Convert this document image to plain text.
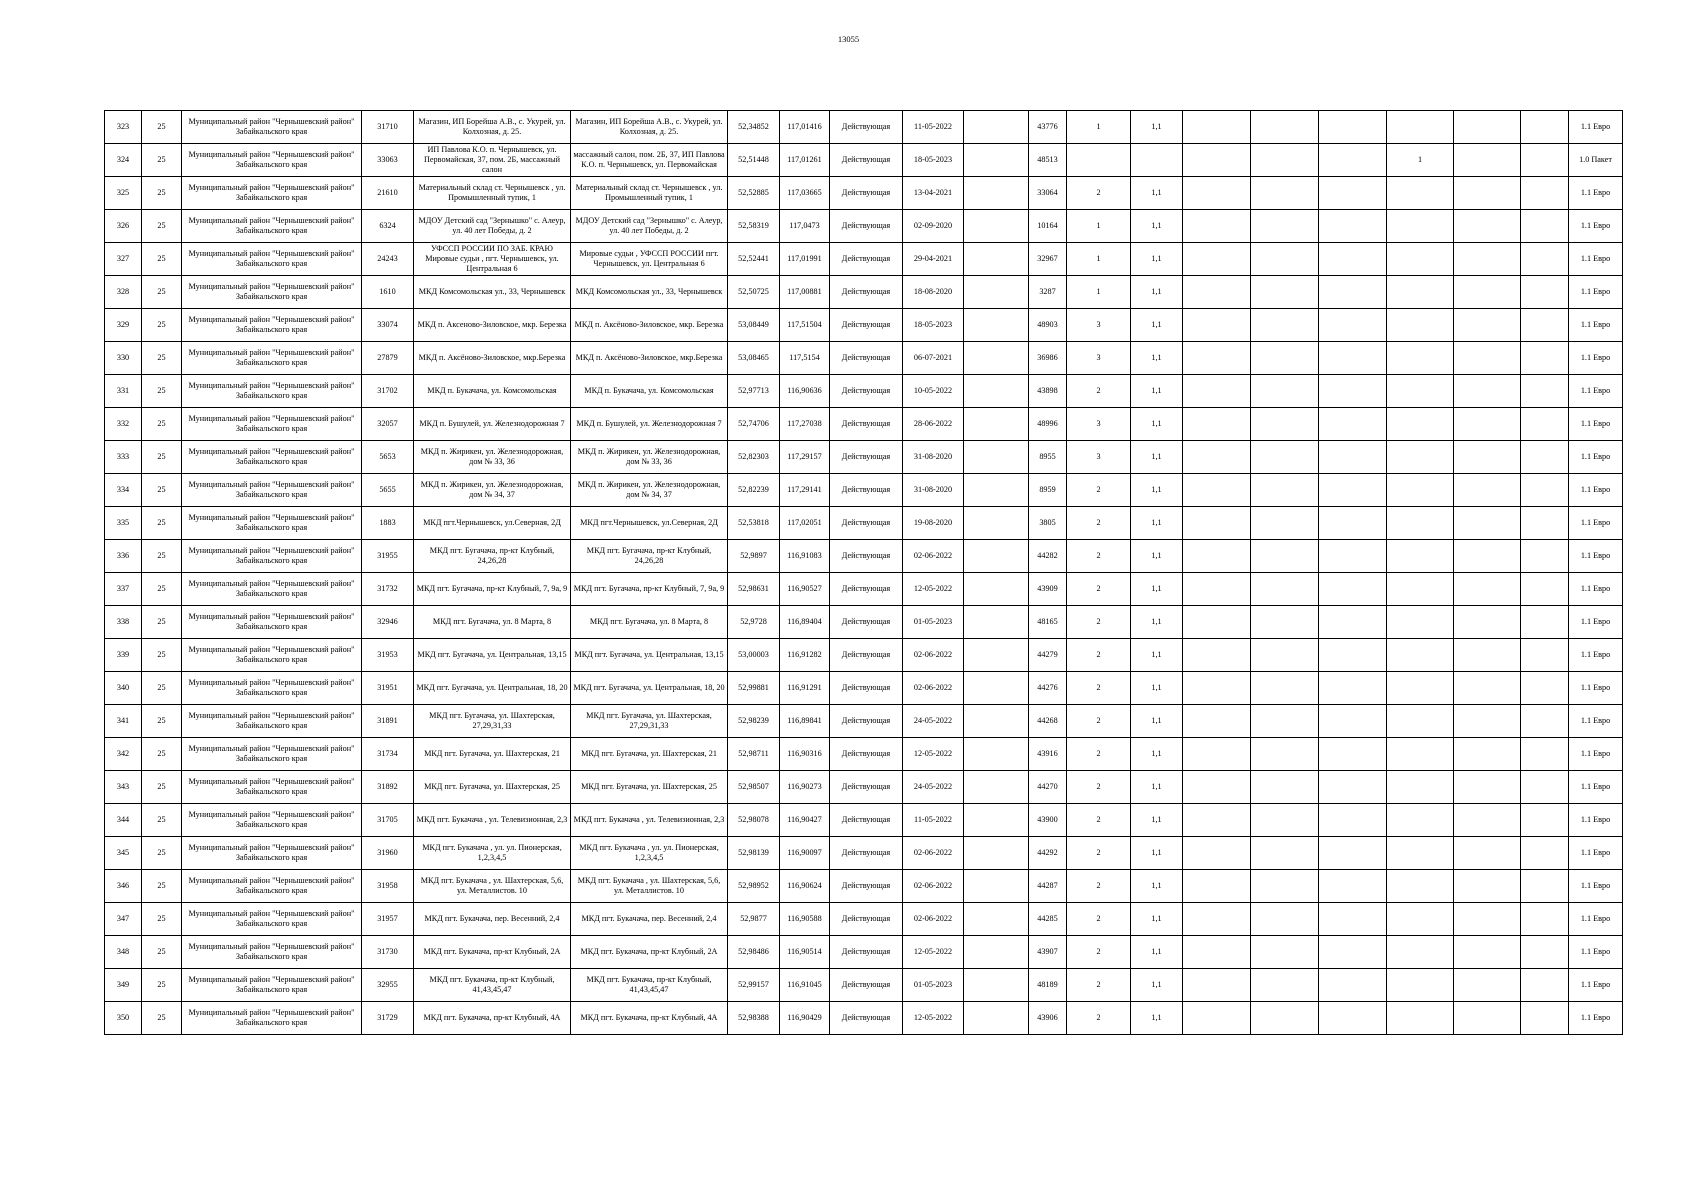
13055
323	25	Муниципальный район "Чернышевский район" Забайкальского края	31710	Магазин, ИП Борейша А.В., с. Укурей, ул. Колхозная, д. 25.	Магазин, ИП Борейша А.В., с. Укурей, ул. Колхозная, д. 25.	52,34852	117,01416	Действующая	11-05-2022		43776	1	1,1							1.1 Евро
324	25	Муниципальный район "Чернышевский район" Забайкальского края	33063	ИП Павлова К.О. п. Чернышевск, ул. Первомайская, 37, пом. 2Б, массажный салон	массажный салон, пом. 2Б, 37, ИП Павлова К.О. п. Чернышевск, ул. Первомайская	52,51448	117,01261	Действующая	18-05-2023		48513						1			1.0 Пакет
325	25	Муниципальный район "Чернышевский район" Забайкальского края	21610	Материальный склад ст. Чернышевск , ул. Промышленный тупик, 1	Материальный склад ст. Чернышевск , ул. Промышленный тупик, 1	52,52885	117,03665	Действующая	13-04-2021		33064	2	1,1							1.1 Евро
326	25	Муниципальный район "Чернышевский район" Забайкальского края	6324	МДОУ Детский сад "Зернышко" с. Алеур, ул. 40 лет Победы, д. 2	МДОУ Детский сад "Зернышко" с. Алеур, ул. 40 лет Победы, д. 2	52,58319	117,0473	Действующая	02-09-2020		10164	1	1,1							1.1 Евро
327	25	Муниципальный район "Чернышевский район" Забайкальского края	24243	УФССП РОССИИ ПО ЗАБ. КРАЮ Мировые судьи , пгт. Чернышевск, ул. Центральная 6	Мировые судьи , УФССП РОССИИ пгт. Чернышевск, ул. Центральная 6	52,52441	117,01991	Действующая	29-04-2021		32967	1	1,1							1.1 Евро
328	25	Муниципальный район "Чернышевский район" Забайкальского края	1610	МКД Комсомольская ул., 33, Чернышевск	МКД Комсомольская ул., 33, Чернышевск	52,50725	117,00881	Действующая	18-08-2020		3287	1	1,1							1.1 Евро
329	25	Муниципальный район "Чернышевский район" Забайкальского края	33074	МКД п. Аксеново-Зиловское, мкр. Березка	МКД п. Аксёново-Зиловское, мкр. Березка	53,08449	117,51504	Действующая	18-05-2023		48903	3	1,1							1.1 Евро
330	25	Муниципальный район "Чернышевский район" Забайкальского края	27879	МКД п. Аксёново-Зиловское, мкр.Березка	МКД п. Аксёново-Зиловское, мкр.Березка	53,08465	117,5154	Действующая	06-07-2021		36986	3	1,1							1.1 Евро
331	25	Муниципальный район "Чернышевский район" Забайкальского края	31702	МКД п. Букачача, ул. Комсомольская	МКД п. Букачача, ул. Комсомольская	52,97713	116,90636	Действующая	10-05-2022		43898	2	1,1							1.1 Евро
332	25	Муниципальный район "Чернышевский район" Забайкальского края	32057	МКД п. Бушулей, ул. Железнодорожная 7	МКД п. Бушулей, ул. Железнодорожная 7	52,74706	117,27038	Действующая	28-06-2022		48996	3	1,1							1.1 Евро
333	25	Муниципальный район "Чернышевский район" Забайкальского края	5653	МКД п. Жирикен, ул. Железнодорожная, дом № 33, 36	МКД п. Жирикен, ул. Железнодорожная, дом № 33, 36	52,82303	117,29157	Действующая	31-08-2020		8955	3	1,1							1.1 Евро
334	25	Муниципальный район "Чернышевский район" Забайкальского края	5655	МКД п. Жирикен, ул. Железнодорожная, дом № 34, 37	МКД п. Жирикен, ул. Железнодорожная, дом № 34, 37	52,82239	117,29141	Действующая	31-08-2020		8959	2	1,1							1.1 Евро
335	25	Муниципальный район "Чернышевский район" Забайкальского края	1883	МКД пгт.Чернышевск, ул.Северная, 2Д	МКД пгт.Чернышевск, ул.Северная, 2Д	52,53818	117,02051	Действующая	19-08-2020		3805	2	1,1							1.1 Евро
336	25	Муниципальный район "Чернышевский район" Забайкальского края	31955	МКД пгт. Бугачача, пр-кт Клубный, 24,26,28	МКД пгт. Бугачача, пр-кт Клубный, 24,26,28	52,9897	116,91083	Действующая	02-06-2022		44282	2	1,1							1.1 Евро
337	25	Муниципальный район "Чернышевский район" Забайкальского края	31732	МКД пгт. Бугачача, пр-кт Клубный, 7, 9а, 9	МКД пгт. Бугачача, пр-кт Клубный, 7, 9а, 9	52,98631	116,90527	Действующая	12-05-2022		43909	2	1,1							1.1 Евро
338	25	Муниципальный район "Чернышевский район" Забайкальского края	32946	МКД пгт. Бугачача, ул. 8 Марта, 8	МКД пгт. Бугачача, ул. 8 Марта, 8	52,9728	116,89404	Действующая	01-05-2023		48165	2	1,1							1.1 Евро
339	25	Муниципальный район "Чернышевский район" Забайкальского края	31953	МКД пгт. Бугачача, ул. Центральная, 13,15	МКД пгт. Бугачача, ул. Центральная, 13,15	53,00003	116,91282	Действующая	02-06-2022		44279	2	1,1							1.1 Евро
340	25	Муниципальный район "Чернышевский район" Забайкальского края	31951	МКД пгт. Бугачача, ул. Центральная, 18, 20	МКД пгт. Бугачача, ул. Центральная, 18, 20	52,99881	116,91291	Действующая	02-06-2022		44276	2	1,1							1.1 Евро
341	25	Муниципальный район "Чернышевский район" Забайкальского края	31891	МКД пгт. Бугачача, ул. Шахтерская, 27,29,31,33	МКД пгт. Бугачача, ул. Шахтерская, 27,29,31,33	52,98239	116,89841	Действующая	24-05-2022		44268	2	1,1							1.1 Евро
342	25	Муниципальный район "Чернышевский район" Забайкальского края	31734	МКД пгт. Бугачача, ул. Шахтерская, 21	МКД пгт. Бугачача, ул. Шахтерская, 21	52,98711	116,90316	Действующая	12-05-2022		43916	2	1,1							1.1 Евро
343	25	Муниципальный район "Чернышевский район" Забайкальского края	31892	МКД пгт. Бугачача, ул. Шахтерская, 25	МКД пгт. Бугачача, ул. Шахтерская, 25	52,98507	116,90273	Действующая	24-05-2022		44270	2	1,1							1.1 Евро
344	25	Муниципальный район "Чернышевский район" Забайкальского края	31705	МКД пгт. Букачача , ул. Телевизионная, 2,3	МКД пгт. Букачача , ул. Телевизионная, 2,3	52,98078	116,90427	Действующая	11-05-2022		43900	2	1,1							1.1 Евро
345	25	Муниципальный район "Чернышевский район" Забайкальского края	31960	МКД пгт. Букачача , ул. ул. Пионерская, 1,2,3,4,5	МКД пгт. Букачача , ул. ул. Пионерская, 1,2,3,4,5	52,98139	116,90097	Действующая	02-06-2022		44292	2	1,1							1.1 Евро
346	25	Муниципальный район "Чернышевский район" Забайкальского края	31958	МКД пгт. Букачача , ул. Шахтерская, 5,6, ул. Металлистов. 10	МКД пгт. Букачача , ул. Шахтерская, 5,6, ул. Металлистов. 10	52,98952	116,90624	Действующая	02-06-2022		44287	2	1,1							1.1 Евро
347	25	Муниципальный район "Чернышевский район" Забайкальского края	31957	МКД пгт. Букачача, пер. Весенний, 2,4	МКД пгт. Букачача, пер. Весенний, 2,4	52,9877	116,90588	Действующая	02-06-2022		44285	2	1,1							1.1 Евро
348	25	Муниципальный район "Чернышевский район" Забайкальского края	31730	МКД пгт. Букачача, пр-кт Клубный, 2А	МКД пгт. Букачача, пр-кт Клубный, 2А	52,98486	116,90514	Действующая	12-05-2022		43907	2	1,1							1.1 Евро
349	25	Муниципальный район "Чернышевский район" Забайкальского края	32955	МКД пгт. Букачача, пр-кт Клубный, 41,43,45,47	МКД пгт. Букачача, пр-кт Клубный, 41,43,45,47	52,99157	116,91045	Действующая	01-05-2023		48189	2	1,1							1.1 Евро
350	25	Муниципальный район "Чернышевский район" Забайкальского края	31729	МКД пгт. Букачача, пр-кт Клубный, 4А	МКД пгт. Букачача, пр-кт Клубный, 4А	52,98388	116,90429	Действующая	12-05-2022		43906	2	1,1							1.1 Евро
